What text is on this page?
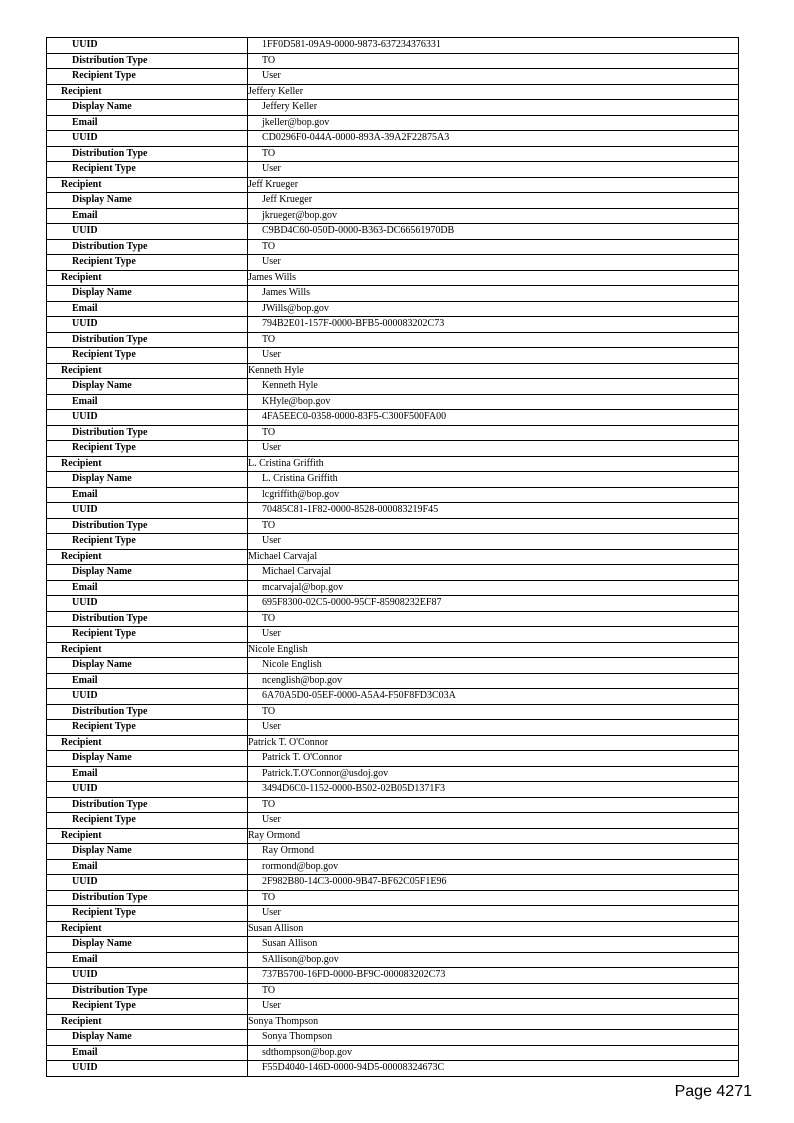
UUID	1FF0D581-09A9-0000-9873-637234376331
Distribution Type	TO
Recipient Type	User
Recipient	Jeffery Keller
Display Name	Jeffery Keller
Email	jkeller@bop.gov
UUID	CD0296F0-044A-0000-893A-39A2F22875A3
Distribution Type	TO
Recipient Type	User
Recipient	Jeff Krueger
Display Name	Jeff Krueger
Email	jkrueger@bop.gov
UUID	C9BD4C60-050D-0000-B363-DC66561970DB
Distribution Type	TO
Recipient Type	User
Recipient	James Wills
Display Name	James Wills
Email	JWills@bop.gov
UUID	794B2E01-157F-0000-BFB5-000083202C73
Distribution Type	TO
Recipient Type	User
Recipient	Kenneth Hyle
Display Name	Kenneth Hyle
Email	KHyle@bop.gov
UUID	4FA5EEC0-0358-0000-83F5-C300F500FA00
Distribution Type	TO
Recipient Type	User
Recipient	L. Cristina Griffith
Display Name	L. Cristina Griffith
Email	lcgriffith@bop.gov
UUID	70485C81-1F82-0000-8528-000083219F45
Distribution Type	TO
Recipient Type	User
Recipient	Michael Carvajal
Display Name	Michael Carvajal
Email	mcarvajal@bop.gov
UUID	695F8300-02C5-0000-95CF-85908232EF87
Distribution Type	TO
Recipient Type	User
Recipient	Nicole English
Display Name	Nicole English
Email	ncenglish@bop.gov
UUID	6A70A5D0-05EF-0000-A5A4-F50F8FD3C03A
Distribution Type	TO
Recipient Type	User
Recipient	Patrick T. O'Connor
Display Name	Patrick T. O'Connor
Email	Patrick.T.O'Connor@usdoj.gov
UUID	3494D6C0-1152-0000-B502-02B05D1371F3
Distribution Type	TO
Recipient Type	User
Recipient	Ray Ormond
Display Name	Ray Ormond
Email	rormond@bop.gov
UUID	2F982B80-14C3-0000-9B47-BF62C05F1E96
Distribution Type	TO
Recipient Type	User
Recipient	Susan Allison
Display Name	Susan Allison
Email	SAllison@bop.gov
UUID	737B5700-16FD-0000-BF9C-000083202C73
Distribution Type	TO
Recipient Type	User
Recipient	Sonya Thompson
Display Name	Sonya Thompson
Email	sdthompson@bop.gov
UUID	F55D4040-146D-0000-94D5-00008324673C
Page 4271
